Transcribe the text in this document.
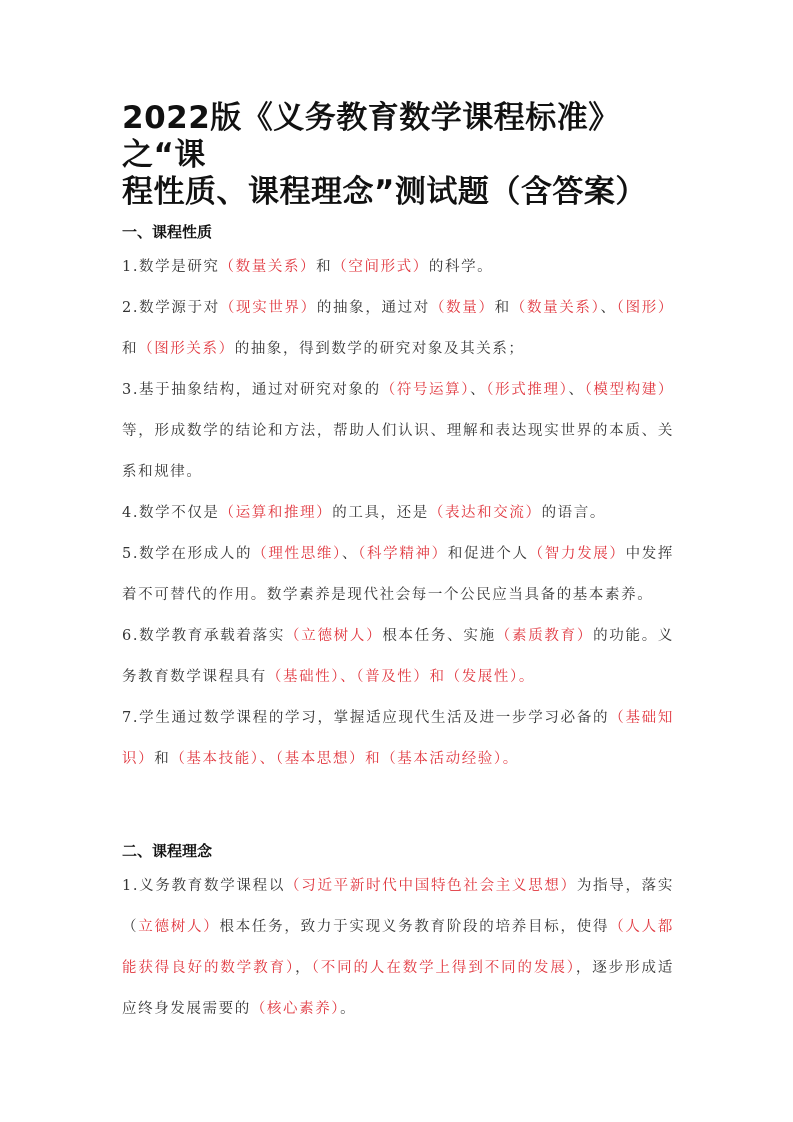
2022版《义务教育数学课程标准》之“课
程性质、课程理念”测试题（含答案）
一、课程性质

1.数学是研究（数量关系）和（空间形式）的科学。

2.数学源于对（现实世界）的抽象，通过对（数量）和（数量关系）、（图形）和（图形关系）的抽象，得到数学的研究对象及其关系；

3.基于抽象结构，通过对研究对象的（符号运算）、（形式推理）、（模型构建）等，形成数学的结论和方法，帮助人们认识、理解和表达现实世界的本质、关系和规律。

4.数学不仅是（运算和推理）的工具，还是（表达和交流）的语言。

5.数学在形成人的（理性思维）、（科学精神）和促进个人（智力发展）中发挥着不可替代的作用。数学素养是现代社会每一个公民应当具备的基本素养。

6.数学教育承载着落实（立德树人）根本任务、实施（素质教育）的功能。义务教育数学课程具有（基础性）、（普及性）和（发展性）。

7.学生通过数学课程的学习，掌握适应现代生活及进一步学习必备的（基础知识）和（基本技能）、（基本思想）和（基本活动经验）。

二、课程理念

1.义务教育数学课程以（习近平新时代中国特色社会主义思想）为指导，落实（立德树人）根本任务，致力于实现义务教育阶段的培养目标，使得（人人都能获得良好的数学教育），（不同的人在数学上得到不同的发展），逐步形成适应终身发展需要的（核心素养）。
